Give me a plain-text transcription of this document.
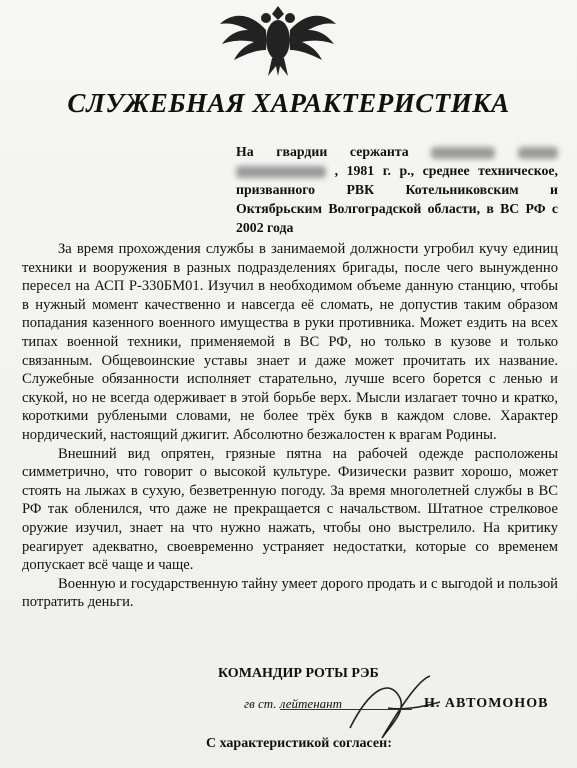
СЛУЖЕБНАЯ ХАРАКТЕРИСТИКА
На гвардии сержанта    , 1981 г. р., среднее техническое, призванного РВК Котельниковским и Октябрьским Волгоградской области, в ВС РФ с 2002 года

За время прохождения службы в занимаемой должности угробил кучу единиц техники и вооружения в разных подразделениях бригады, после чего вынужденно пересел на АСП Р-330БМ01. Изучил в необходимом объеме данную станцию, чтобы в нужный момент качественно и навсегда её сломать, не допустив таким образом попадания казенного военного имущества в руки противника. Может ездить на всех типах военной техники, применяемой в ВС РФ, но только в кузове и только связанным. Общевоинские уставы знает и даже может прочитать их название. Служебные обязанности исполняет старательно, лучше всего борется с ленью и скукой, но не всегда одерживает в этой борьбе верх. Мысли излагает точно и кратко, короткими рублеными словами, не более трёх букв в каждом слове. Характер нордический, настоящий джигит. Абсолютно безжалостен к врагам Родины.

Внешний вид опрятен, грязные пятна на рабочей одежде расположены симметрично, что говорит о высокой культуре. Физически развит хорошо, может стоять на лыжах в сухую, безветренную погоду. За время многолетней службы в ВС РФ так обленился, что даже не прекращается с начальством. Штатное стрелковое оружие изучил, знает на что нужно нажать, чтобы оно выстрелило. На критику реагирует адекватно, своевременно устраняет недостатки, которые со временем допускает всё чаще и чаще.

Военную и государственную тайну умеет дорого продать и с выгодой и пользой потратить деньги.

КОМАНДИР РОТЫ РЭБ
гв ст. лейтенант	Н. АВТОМОНОВ
С характеристикой согласен:
